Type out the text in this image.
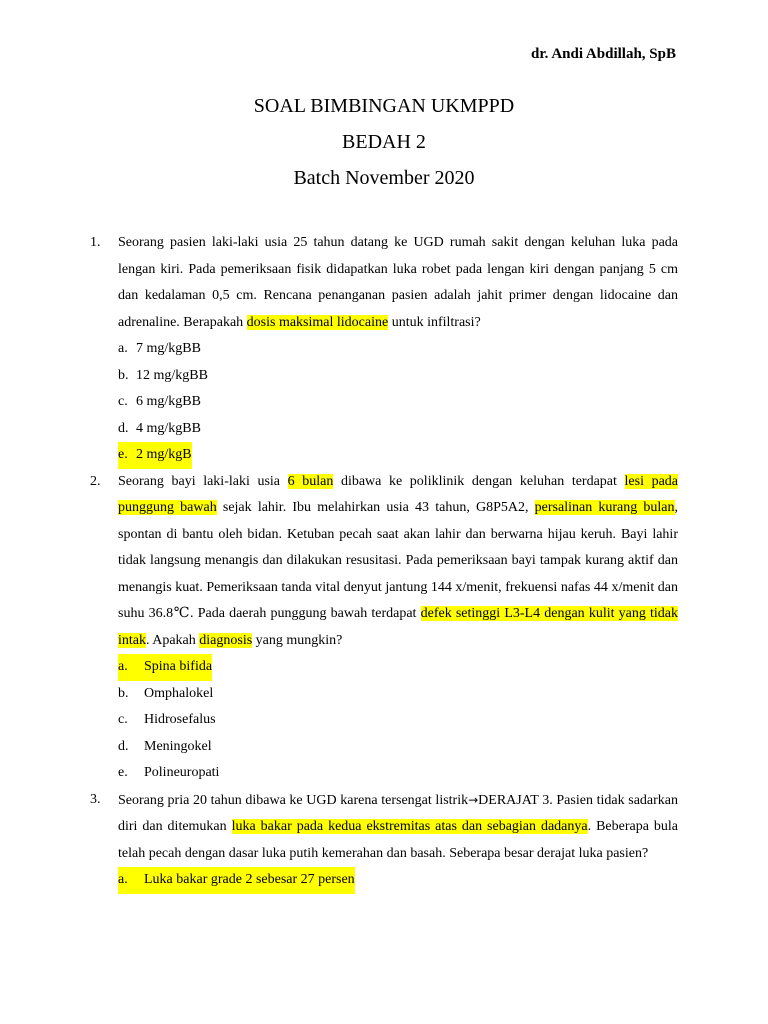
dr. Andi Abdillah, SpB
SOAL BIMBINGAN UKMPPD
BEDAH 2
Batch November 2020
1.	Seorang pasien laki-laki usia 25 tahun datang ke UGD rumah sakit dengan keluhan luka pada lengan kiri. Pada pemeriksaan fisik didapatkan luka robet pada lengan kiri dengan panjang 5 cm dan kedalaman 0,5 cm. Rencana penanganan pasien adalah jahit primer dengan lidocaine dan adrenaline. Berapakah dosis maksimal lidocaine untuk infiltrasi?

a. 7 mg/kgBB
b. 12 mg/kgBB
c. 6 mg/kgBB
d. 4 mg/kgBB
e. 2 mg/kgB
2.	Seorang bayi laki-laki usia 6 bulan dibawa ke poliklinik dengan keluhan terdapat lesi pada punggung bawah sejak lahir. Ibu melahirkan usia 43 tahun, G8P5A2, persalinan kurang bulan, spontan di bantu oleh bidan. Ketuban pecah saat akan lahir dan berwarna hijau keruh. Bayi lahir tidak langsung menangis dan dilakukan resusitasi. Pada pemeriksaan bayi tampak kurang aktif dan menangis kuat. Pemeriksaan tanda vital denyut jantung 144 x/menit, frekuensi nafas 44 x/menit dan suhu 36.8℃. Pada daerah punggung bawah terdapat defek setinggi L3-L4 dengan kulit yang tidak intak. Apakah diagnosis yang mungkin?

a.	Spina bifida
b.	Omphalokel
c.	Hidrosefalus
d.	Meningokel
e.	Polineuropati
3.	Seorang pria 20 tahun dibawa ke UGD karena tersengat listrik→DERAJAT 3. Pasien tidak sadarkan diri dan ditemukan luka bakar pada kedua ekstremitas atas dan sebagian dadanya. Beberapa bula telah pecah dengan dasar luka putih kemerahan dan basah. Seberapa besar derajat luka pasien?

a.	Luka bakar grade 2 sebesar 27 persen
